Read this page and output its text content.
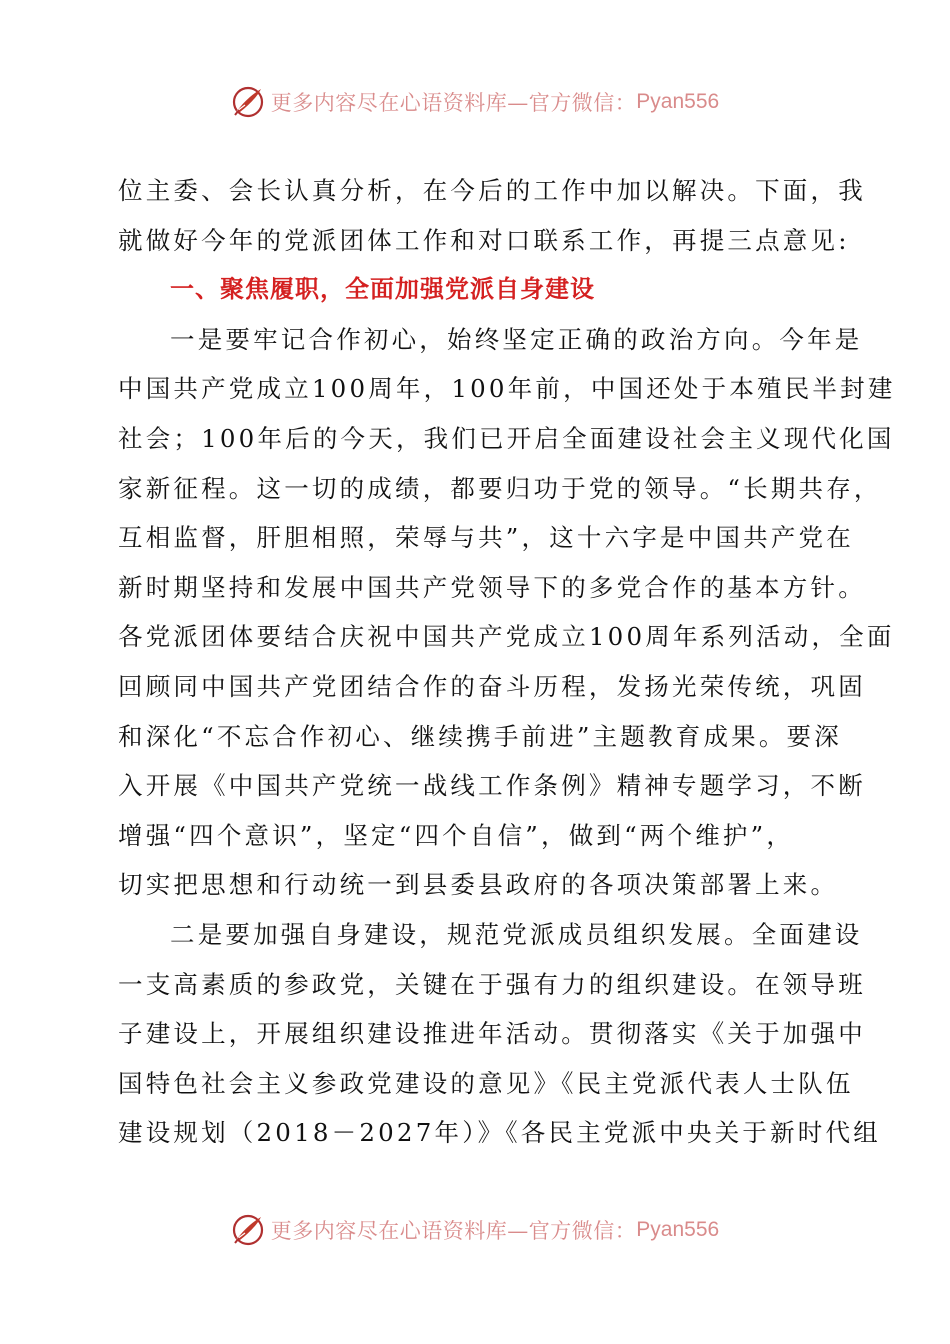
更多内容尽在心语资料库—官方微信： Pyan556
位主委、会长认真分析，在今后的工作中加以解决。下面，我
就做好今年的党派团体工作和对口联系工作，再提三点意见:
一、聚焦履职，全面加强党派自身建设
一是要牢记合作初心，始终坚定正确的政治方向。今年是
中国共产党成立100周年，100年前，中国还处于本殖民半封建
社会；100年后的今天，我们已开启全面建设社会主义现代化国
家新征程。这一切的成绩，都要归功于党的领导。“长期共存，
互相监督，肝胆相照，荣辱与共”，这十六字是中国共产党在
新时期坚持和发展中国共产党领导下的多党合作的基本方针。
各党派团体要结合庆祝中国共产党成立100周年系列活动，全面
回顾同中国共产党团结合作的奋斗历程，发扬光荣传统，巩固
和深化“不忘合作初心、继续携手前进”主题教育成果。要深
入开展《中国共产党统一战线工作条例》精神专题学习，不断
增强“四个意识”，坚定“四个自信”，做到“两个维护”，
切实把思想和行动统一到县委县政府的各项决策部署上来。
二是要加强自身建设，规范党派成员组织发展。全面建设
一支高素质的参政党，关键在于强有力的组织建设。在领导班
子建设上，开展组织建设推进年活动。贯彻落实《关于加强中
国特色社会主义参政党建设的意见》《民主党派代表人士队伍
建设规划（2018－2027年）》《各民主党派中央关于新时代组
更多内容尽在心语资料库—官方微信： Pyan556
